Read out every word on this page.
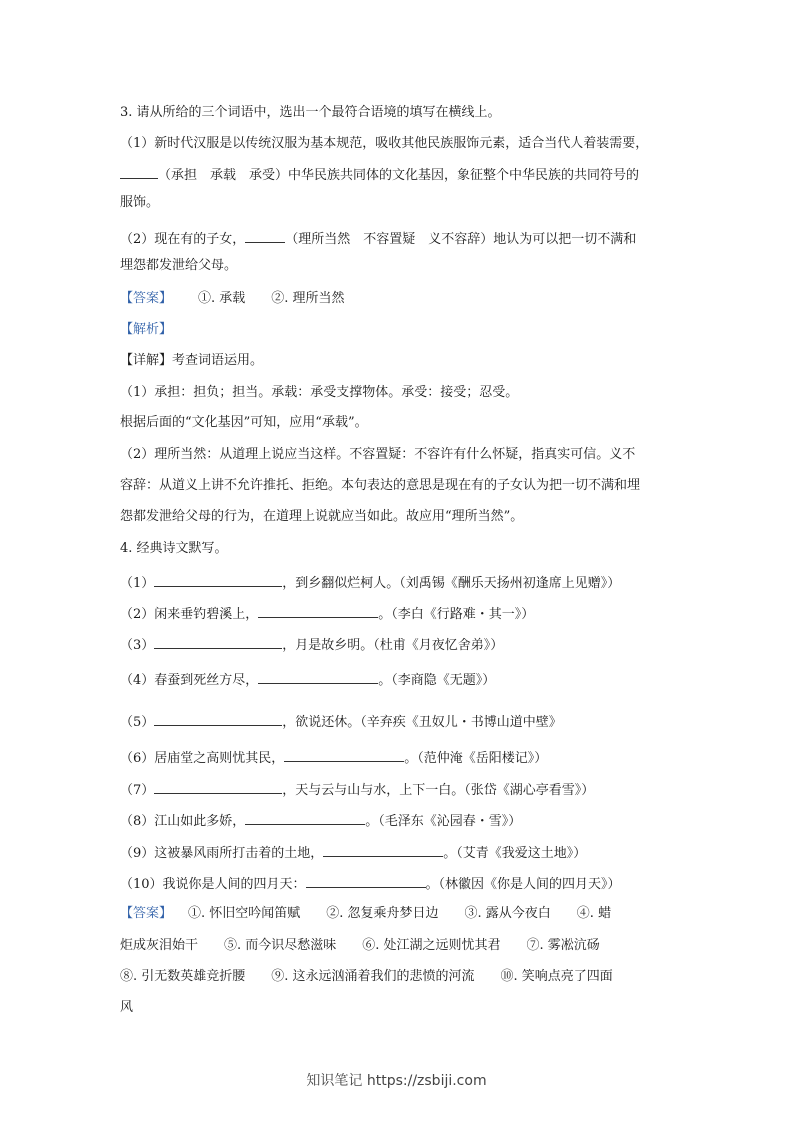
3. 请从所给的三个词语中，选出一个最符合语境的填写在横线上。
（1）新时代汉服是以传统汉服为基本规范，吸收其他民族服饰元素，适合当代人着装需要，
（承担　承载　承受）中华民族共同体的文化基因，象征整个中华民族的共同符号的
服饰。
（2）现在有的子女，	（理所当然　不容置疑　义不容辞）地认为可以把一切不满和
埋怨都发泄给父母。
【答案】 ①. 承载 ②. 理所当然
【解析】
【详解】考查词语运用。
（1）承担：担负；担当。承载：承受支撑物体。承受：接受；忍受。
根据后面的“文化基因”可知，应用“承载”。
（2）理所当然：从道理上说应当这样。不容置疑：不容许有什么怀疑，指真实可信。义不
容辞：从道义上讲不允许推托、拒绝。本句表达的意思是现在有的子女认为把一切不满和埋
怨都发泄给父母的行为，在道理上说就应当如此。故应用“理所当然”。
4. 经典诗文默写。
（1）	，到乡翻似烂柯人。（刘禹锡《酬乐天扬州初逢席上见赠》）
（2）闲来垂钓碧溪上，	。（李白《行路难・其一》）
（3）	，月是故乡明。（杜甫《月夜忆舍弟》）
（4）春蚕到死丝方尽，	。（李商隐《无题》）
（5）	，欲说还休。（辛弃疾《丑奴儿・书博山道中壁》
（6）居庙堂之高则忧其民，	。（范仲淹《岳阳楼记》）
（7）	，天与云与山与水，上下一白。（张岱《湖心亭看雪》）
（8）江山如此多娇，	。（毛泽东《沁园春・雪》）
（9）这被暴风雨所打击着的土地，	。（艾青《我爱这土地》）
（10）我说你是人间的四月天：	。（林徽因《你是人间的四月天》）
【答案】 ①. 怀旧空吟闻笛赋　　②. 忽复乘舟梦日边　　③. 露从今夜白　　④. 蜡
炬成灰泪始干　　⑤. 而今识尽愁滋味　　⑥. 处江湖之远则忧其君　　⑦. 雾凇沆砀
⑧. 引无数英雄竞折腰　　⑨. 这永远汹涌着我们的悲愤的河流　　⑩. 笑响点亮了四面
风
知识笔记 https://zsbiji.com
